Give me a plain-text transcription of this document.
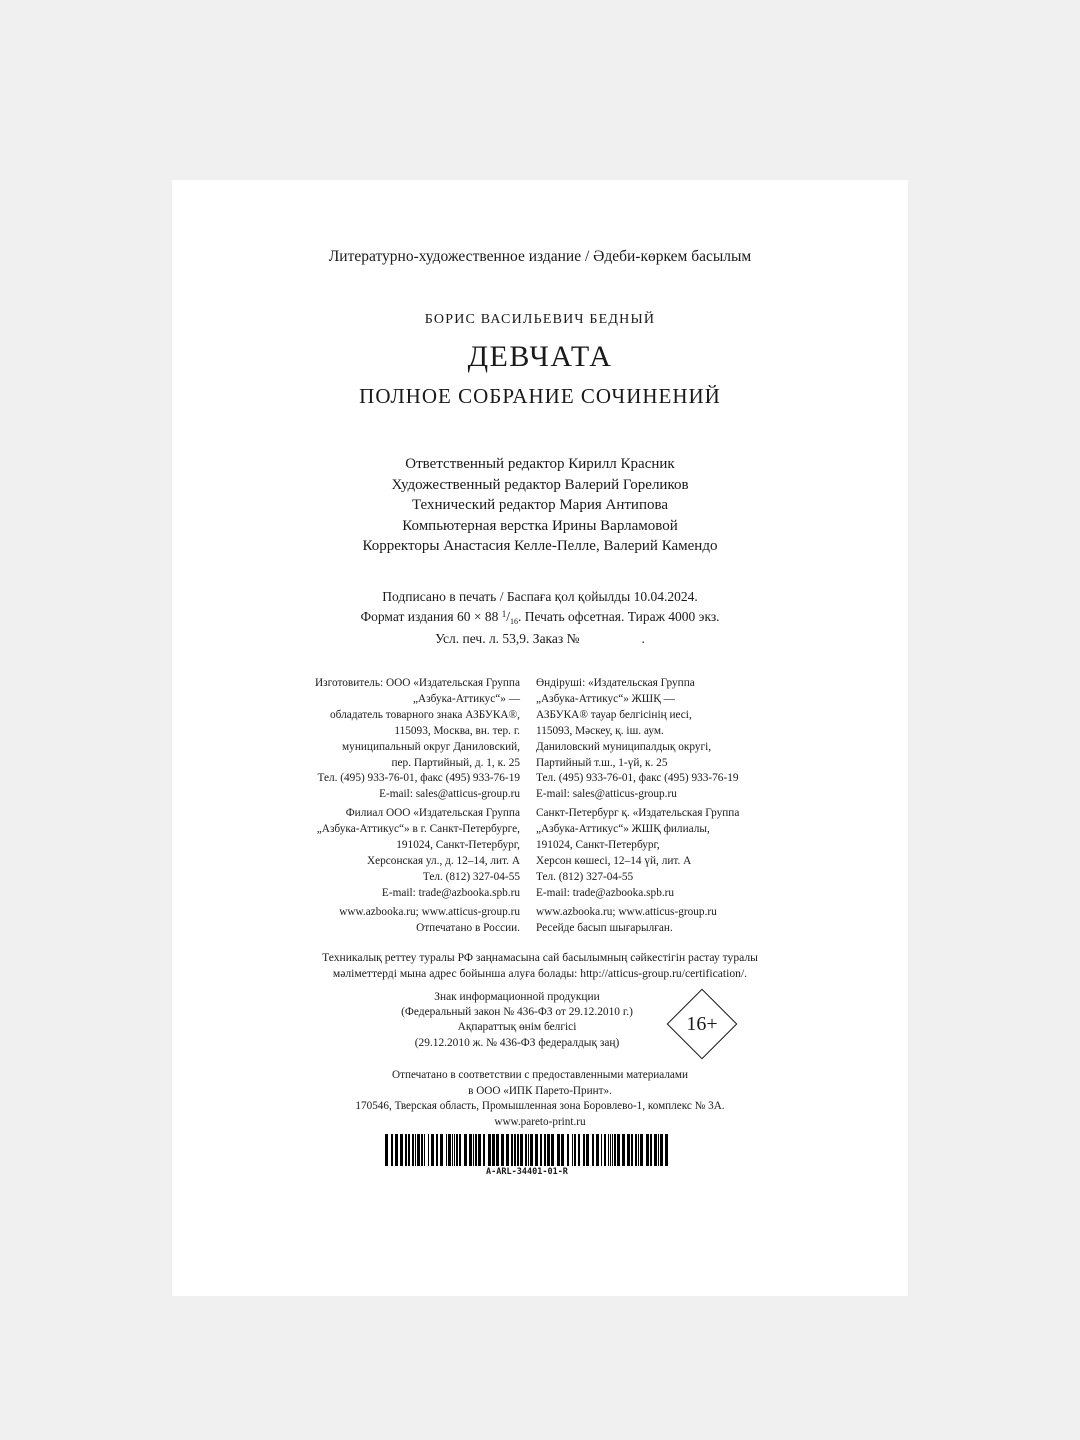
Литературно-художественное издание / Әдеби-көркем басылым
БОРИС ВАСИЛЬЕВИЧ БЕДНЫЙ
ДЕВЧАТА
ПОЛНОЕ СОБРАНИЕ СОЧИНЕНИЙ
Ответственный редактор Кирилл Красник
Художественный редактор Валерий Гореликов
Технический редактор Мария Антипова
Компьютерная верстка Ирины Варламовой
Корректоры Анастасия Келле-Пелле, Валерий Камендо
Подписано в печать / Баспаға қол қойылды 10.04.2024.
Формат издания 60 × 88 $^1/_{16}$. Печать офсетная. Тираж 4000 экз.
Усл. печ. л. 53,9. Заказ №	.
Изготовитель: ООО «Издательская Группа
„Азбука-Аттикус“» —
обладатель товарного знака АЗБУКА®,
115093, Москва, вн. тер. г.
муниципальный округ Даниловский,
пер. Партийный, д. 1, к. 25
Тел. (495) 933-76-01, факс (495) 933-76-19
E-mail: sales@atticus-group.ru
Филиал ООО «Издательская Группа
„Азбука-Аттикус“» в г. Санкт-Петербурге,
191024, Санкт-Петербург,
Херсонская ул., д. 12–14, лит. А
Тел. (812) 327-04-55
E-mail: trade@azbooka.spb.ru
www.azbooka.ru; www.atticus-group.ru
Отпечатано в России.
Өндіруші: «Издательская Группа
„Азбука-Аттикус“» ЖШҚ —
АЗБУКА® тауар белгісінің иесі,
115093, Мәскеу, қ. іш. аум.
Даниловский муниципалдық округі,
Партийный т.ш., 1-үй, к. 25
Тел. (495) 933-76-01, факс (495) 933-76-19
E-mail: sales@atticus-group.ru
Санкт-Петербург қ. «Издательская Группа
„Азбука-Аттикус“» ЖШҚ филиалы,
191024, Санкт-Петербург,
Херсон көшесі, 12–14 үй, лит. А
Тел. (812) 327-04-55
E-mail: trade@azbooka.spb.ru
www.azbooka.ru; www.atticus-group.ru
Ресейде басып шығарылған.
Техникалық реттеу туралы РФ заңнамасына сай басылымның сәйкестігін растау туралы
мәліметтерді мына адрес бойынша алуға болады: http://atticus-group.ru/certification/.
Знак информационной продукции
(Федеральный закон № 436-ФЗ от 29.12.2010 г.)
Ақпараттық өнім белгісі
(29.12.2010 ж. № 436-ФЗ федералдық заң)
16+
Отпечатано в соответствии с предоставленными материалами
в ООО «ИПК Парето-Принт».
170546, Тверская область, Промышленная зона Боровлево-1, комплекс № 3А.
www.pareto-print.ru
A-ARL-34401-01-R
